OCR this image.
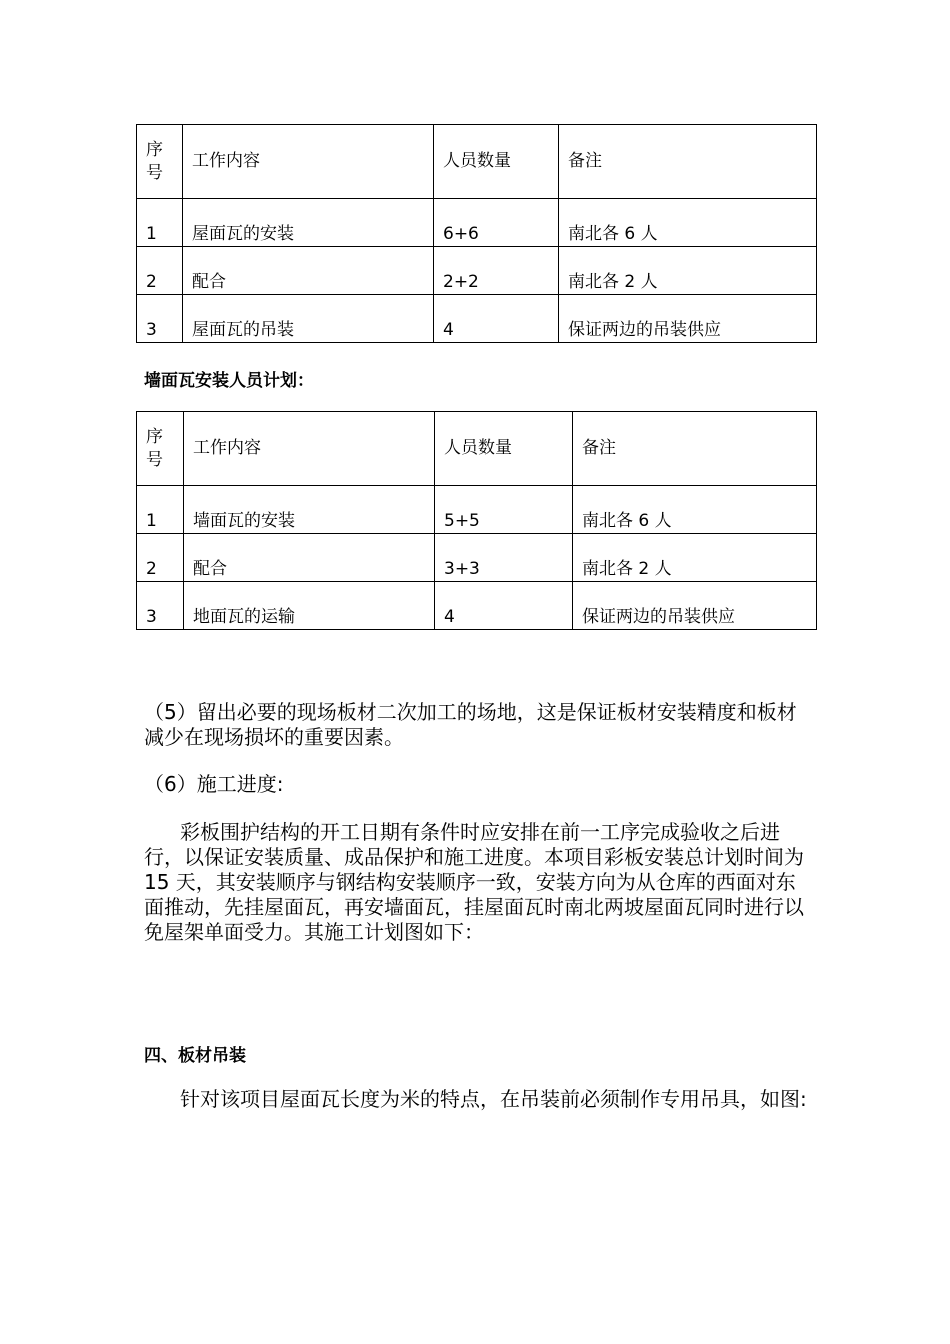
序号	工作内容	人员数量	备注

1	屋面瓦的安装	6+6	南北各 6 人
2	配合	2+2	南北各 2 人
3	屋面瓦的吊装	4	保证两边的吊装供应
墙面瓦安装人员计划：
序号	工作内容	人员数量	备注

1	墙面瓦的安装	5+5	南北各 6 人
2	配合	3+3	南北各 2 人
3	地面瓦的运输	4	保证两边的吊装供应

（5）留出必要的现场板材二次加工的场地，这是保证板材安装精度和板材减少在现场损坏的重要因素。

（6）施工进度:

彩板围护结构的开工日期有条件时应安排在前一工序完成验收之后进行，以保证安装质量、成品保护和施工进度。本项目彩板安装总计划时间为 15 天，其安装顺序与钢结构安装顺序一致，安装方向为从仓库的西面对东面推动，先挂屋面瓦，再安墙面瓦，挂屋面瓦时南北两坡屋面瓦同时进行以免屋架单面受力。其施工计划图如下：

四、板材吊装

针对该项目屋面瓦长度为米的特点，在吊装前必须制作专用吊具，如图:
